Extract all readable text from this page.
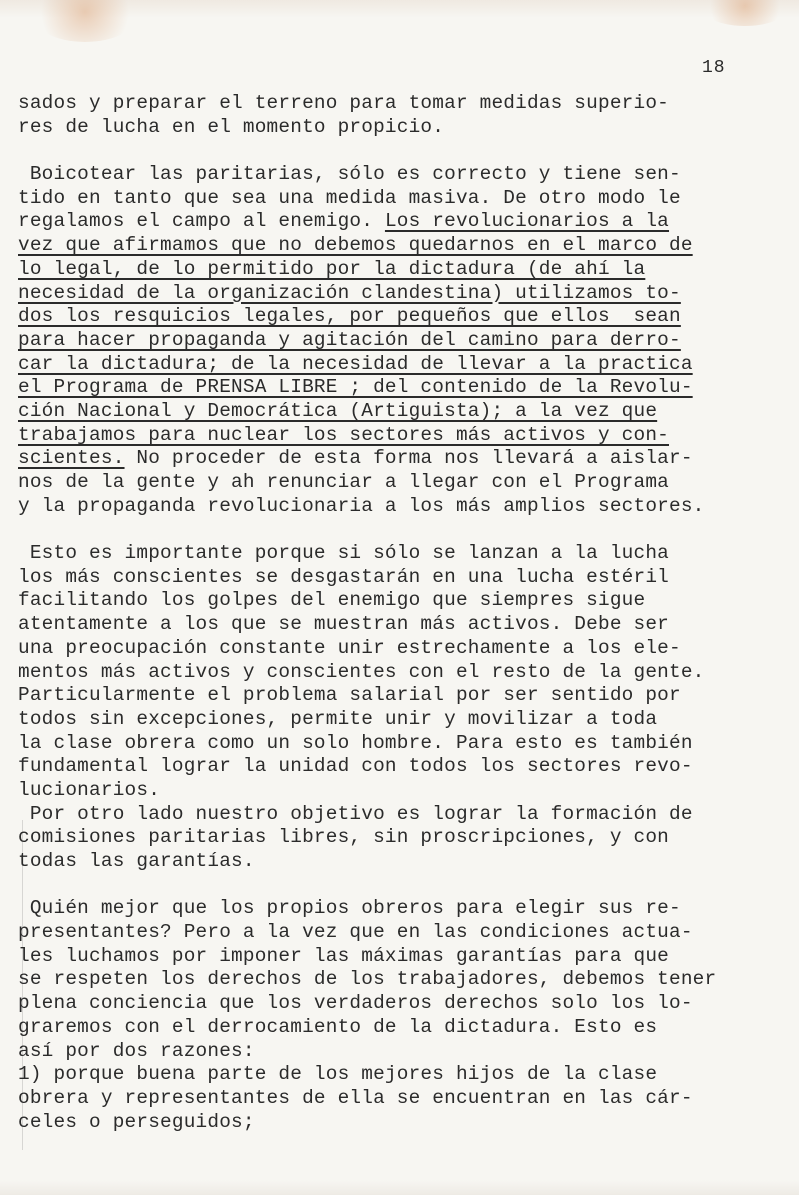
18
sados y preparar el terreno para tomar medidas superio-
res de lucha en el momento propicio.
Boicotear las paritarias, sólo es correcto y tiene sen-
tido en tanto que sea una medida masiva. De otro modo le
regalamos el campo al enemigo. Los revolucionarios a la
vez que afirmamos que no debemos quedarnos en el marco de
lo legal, de lo permitido por la dictadura (de ahí la
necesidad de la organización clandestina) utilizamos to-
dos los resquicios legales, por pequeños que ellos  sean
para hacer propaganda y agitación del camino para derro-
car la dictadura; de la necesidad de llevar a la practica
el Programa de PRENSA LIBRE ; del contenido de la Revolu-
ción Nacional y Democrática (Artiguista); a la vez que
trabajamos para nuclear los sectores más activos y con-
scientes. No proceder de esta forma nos llevará a aislar-
nos de la gente y ah renunciar a llegar con el Programa
y la propaganda revolucionaria a los más amplios sectores.
Esto es importante porque si sólo se lanzan a la lucha
los más conscientes se desgastarán en una lucha estéril
facilitando los golpes del enemigo que siempres sigue
atentamente a los que se muestran más activos. Debe ser
una preocupación constante unir estrechamente a los ele-
mentos más activos y conscientes con el resto de la gente.
Particularmente el problema salarial por ser sentido por
todos sin excepciones, permite unir y movilizar a toda
la clase obrera como un solo hombre. Para esto es también
fundamental lograr la unidad con todos los sectores revo-
lucionarios.
Por otro lado nuestro objetivo es lograr la formación de
comisiones paritarias libres, sin proscripciones, y con
todas las garantías.
Quién mejor que los propios obreros para elegir sus re-
presentantes? Pero a la vez que en las condiciones actua-
les luchamos por imponer las máximas garantías para que
se respeten los derechos de los trabajadores, debemos tener
plena conciencia que los verdaderos derechos solo los lo-
graremos con el derrocamiento de la dictadura. Esto es
así por dos razones:
1) porque buena parte de los mejores hijos de la clase
obrera y representantes de ella se encuentran en las cár-
celes o perseguidos;
